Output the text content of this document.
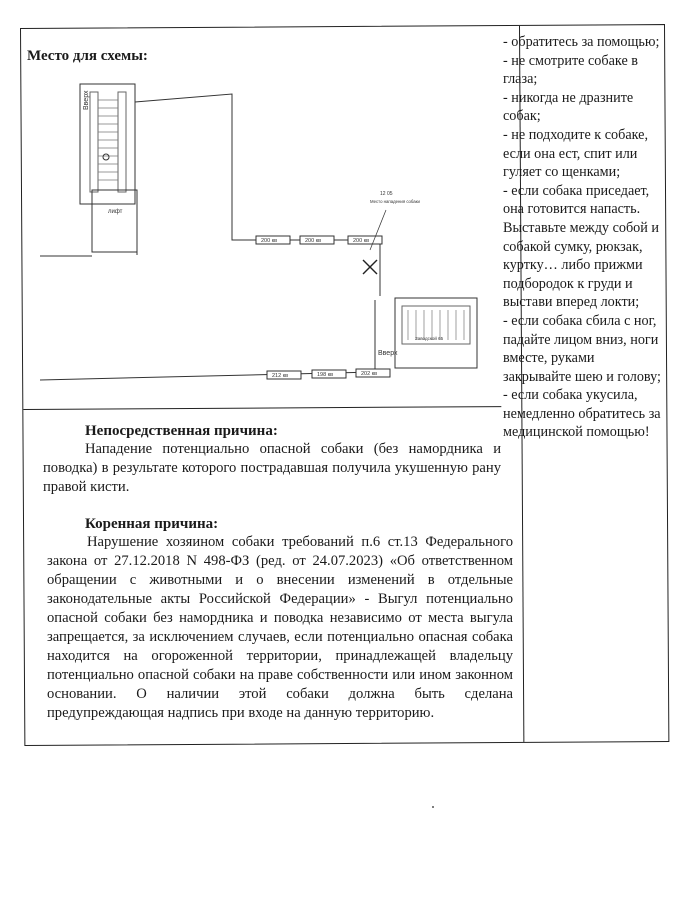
Место для схемы:
Вверх
Вверх
лифт
200 кв	200 кв	200 кв
212 кв	198 кв	202 кв
12 05
Место нападения собаки
Заводской 65

- обратитесь за помощью;

- не смотрите собаке в глаза;

- никогда не дразните собак;

- не подходите к собаке, если она ест, спит или гуляет со щенками;

- если собака приседает, она готовится напасть. Выставьте между собой и собакой сумку, рюкзак, куртку… либо прижми подбородок к груди и выстави вперед локти;

- если собака сбила с ног, падайте лицом вниз, ноги вместе, руками закрывайте шею и голову;

- если собака укусила, немедленно обратитесь за медицинской помощью!

Непосредственная причина:

Нападение потенциально опасной собаки (без намордника и поводка) в результате которого пострадавшая получила укушенную рану правой кисти.

Коренная причина:

Нарушение хозяином собаки требований п.6 ст.13 Федерального закона от 27.12.2018 N 498-ФЗ (ред. от 24.07.2023) «Об ответственном обращении с животными и о внесении изменений в отдельные законодательные акты Российской Федерации» - Выгул потенциально опасной собаки без намордника и поводка независимо от места выгула запрещается, за исключением случаев, если потенциально опасная собака находится на огороженной территории, принадлежащей владельцу потенциально опасной собаки на праве собственности или ином законном основании. О наличии этой собаки должна быть сделана предупреждающая надпись при входе на данную территорию.
